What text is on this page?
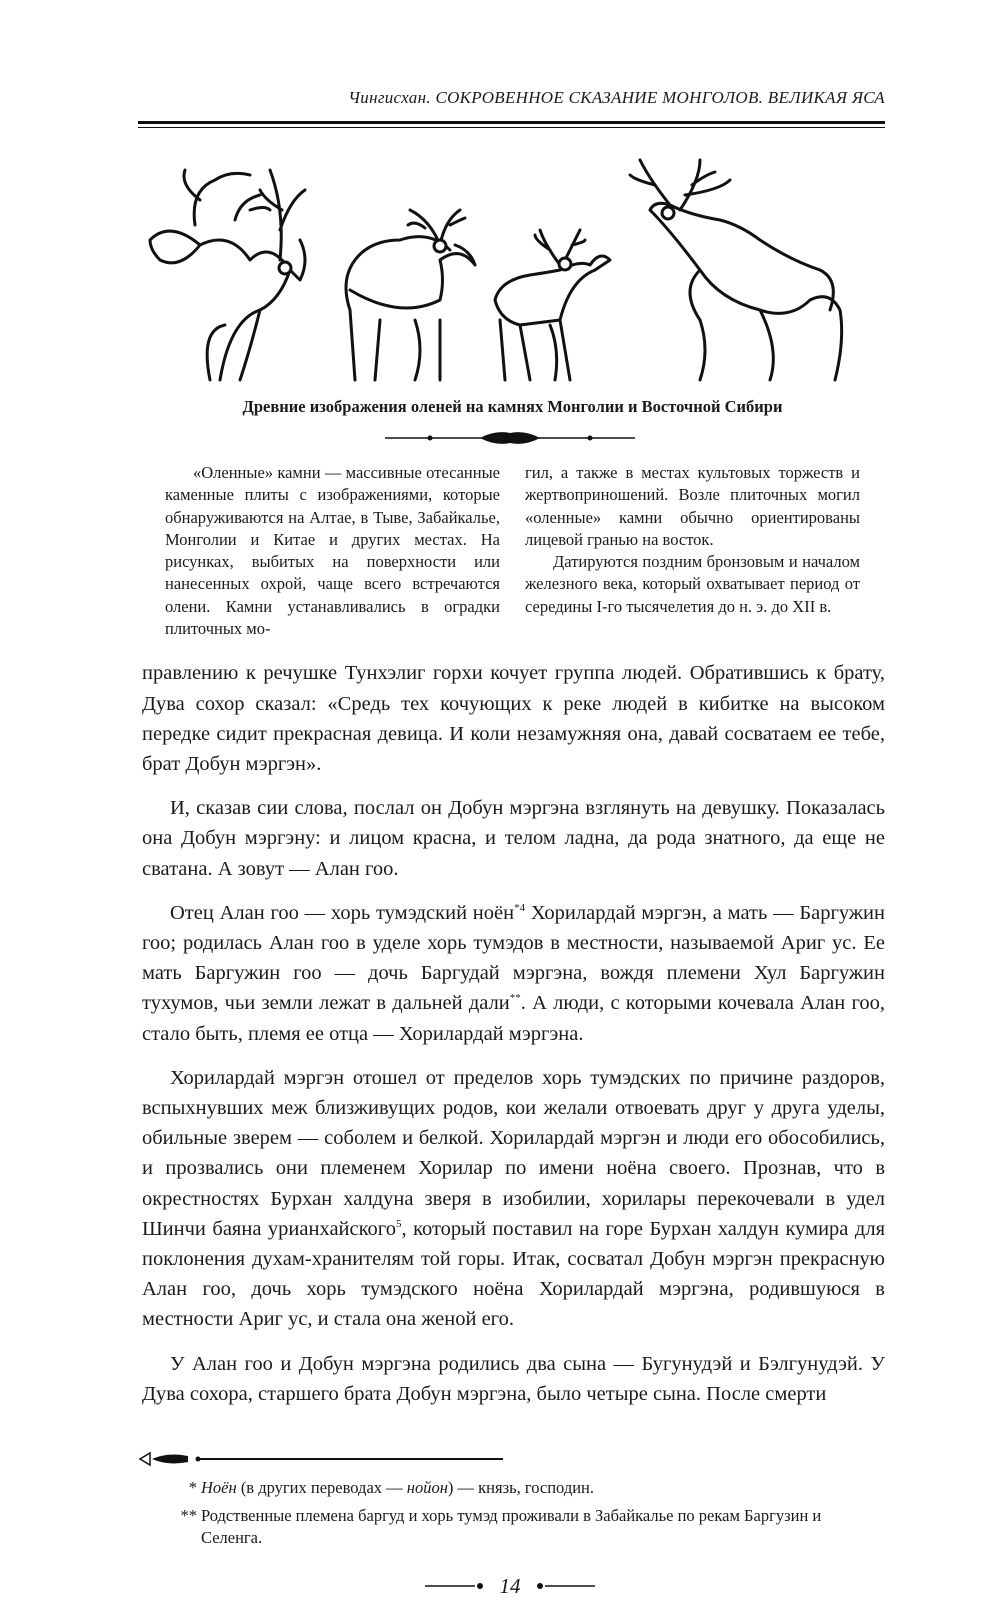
Чингисхан. СОКРОВЕННОЕ СКАЗАНИЕ МОНГОЛОВ. ВЕЛИКАЯ ЯСА
Древние изображения оленей на камнях Монголии и Восточной Сибири

«Оленные» камни — массивные отесанные каменные плиты с изображениями, которые обнаруживаются на Алтае, в Тыве, Забайкалье, Монголии и Китае и других местах. На рисунках, выбитых на поверхности или нанесенных охрой, чаще всего встречаются олени. Камни устанавливались в оградки плиточных мо-

гил, а также в местах культовых торжеств и жертвоприношений. Возле плиточных могил «оленные» камни обычно ориентированы лицевой гранью на восток.

Датируются поздним бронзовым и началом железного века, который охватывает период от середины I-го тысячелетия до н. э. до XII в.

правлению к речушке Тунхэлиг горхи кочует группа людей. Обратившись к брату, Дува сохор сказал: «Средь тех кочующих к реке людей в кибитке на высоком передке сидит прекрасная девица. И коли незамужняя она, давай сосватаем ее тебе, брат Добун мэргэн».

И, сказав сии слова, послал он Добун мэргэна взглянуть на девушку. Показалась она Добун мэргэну: и лицом красна, и телом ладна, да рода знатного, да еще не сватана. А зовут — Алан гоо.

Отец Алан гоо — хорь тумэдский ноён$^{*4}$ Хорилардай мэргэн, а мать — Баргужин гоо; родилась Алан гоо в уделе хорь тумэдов в местности, называемой Ариг ус. Ее мать Баргужин гоо — дочь Баргудай мэргэна, вождя племени Хул Баргужин тухумов, чьи земли лежат в дальней дали**. А люди, с которыми кочевала Алан гоо, стало быть, племя ее отца — Хорилардай мэргэна.

Хорилардай мэргэн отошел от пределов хорь тумэдских по причине раздоров, вспыхнувших меж близживущих родов, кои желали отвоевать друг у друга уделы, обильные зверем — соболем и белкой. Хорилардай мэргэн и люди его обособились, и прозвались они племенем Хорилар по имени ноёна своего. Прознав, что в окрестностях Бурхан халдуна зверя в изобилии, хорилары перекочевали в удел Шинчи баяна урианхайского$^5$, который поставил на горе Бурхан халдун кумира для поклонения духам-хранителям той горы. Итак, сосватал Добун мэргэн прекрасную Алан гоо, дочь хорь тумэдского ноёна Хорилардай мэргэна, родившуюся в местности Ариг ус, и стала она женой его.

У Алан гоо и Добун мэргэна родились два сына — Бугунудэй и Бэлгунудэй. У Дува сохора, старшего брата Добун мэргэна, было четыре сына. После смерти

* Ноён (в других переводах — нойон) — князь, господин.
** Родственные племена баргуд и хорь тумэд проживали в Забайкалье по рекам Баргузин и Селенга.
14
